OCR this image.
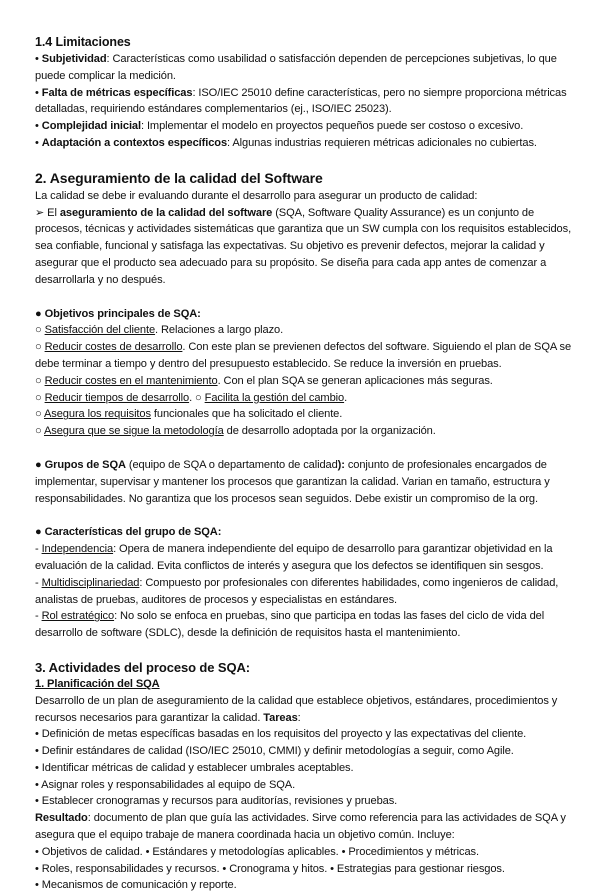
1.4 Limitaciones

• Subjetividad: Características como usabilidad o satisfacción dependen de percepciones subjetivas, lo que puede complicar la medición.

• Falta de métricas específicas: ISO/IEC 25010 define características, pero no siempre proporciona métricas detalladas, requiriendo estándares complementarios (ej., ISO/IEC 25023).

• Complejidad inicial: Implementar el modelo en proyectos pequeños puede ser costoso o excesivo.

• Adaptación a contextos específicos: Algunas industrias requieren métricas adicionales no cubiertas.

2. Aseguramiento de la calidad del Software

La calidad se debe ir evaluando durante el desarrollo para asegurar un producto de calidad:

➢ El aseguramiento de la calidad del software (SQA, Software Quality Assurance) es un conjunto de procesos, técnicas y actividades sistemáticas que garantiza que un SW cumpla con los requisitos establecidos, sea confiable, funcional y satisfaga las expectativas. Su objetivo es prevenir defectos, mejorar la calidad y asegurar que el producto sea adecuado para su propósito. Se diseña para cada app antes de comenzar a desarrollarla y no después.

● Objetivos principales de SQA:

○ Satisfacción del cliente. Relaciones a largo plazo.

○ Reducir costes de desarrollo. Con este plan se previenen defectos del software. Siguiendo el plan de SQA se debe terminar a tiempo y dentro del presupuesto establecido. Se reduce la inversión en pruebas.

○ Reducir costes en el mantenimiento. Con el plan SQA se generan aplicaciones más seguras.

○ Reducir tiempos de desarrollo. ○ Facilita la gestión del cambio.

○ Asegura los requisitos funcionales que ha solicitado el cliente.

○ Asegura que se sigue la metodología de desarrollo adoptada por la organización.

● Grupos de SQA (equipo de SQA o departamento de calidad): conjunto de profesionales encargados de implementar, supervisar y mantener los procesos que garantizan la calidad. Varian en tamaño, estructura y responsabilidades. No garantiza que los procesos sean seguidos. Debe existir un compromiso de la org.

● Características del grupo de SQA:

- Independencia: Opera de manera independiente del equipo de desarrollo para garantizar objetividad en la evaluación de la calidad. Evita conflictos de interés y asegura que los defectos se identifiquen sin sesgos.

- Multidisciplinariedad: Compuesto por profesionales con diferentes habilidades, como ingenieros de calidad, analistas de pruebas, auditores de procesos y especialistas en estándares.

- Rol estratégico: No solo se enfoca en pruebas, sino que participa en todas las fases del ciclo de vida del desarrollo de software (SDLC), desde la definición de requisitos hasta el mantenimiento.

3. Actividades del proceso de SQA:

1. Planificación del SQA

Desarrollo de un plan de aseguramiento de la calidad que establece objetivos, estándares, procedimientos y recursos necesarios para garantizar la calidad. Tareas:

• Definición de metas específicas basadas en los requisitos del proyecto y las expectativas del cliente.

• Definir estándares de calidad (ISO/IEC 25010, CMMI) y definir metodologías a seguir, como Agile.

• Identificar métricas de calidad y establecer umbrales aceptables.

• Asignar roles y responsabilidades al equipo de SQA.

• Establecer cronogramas y recursos para auditorías, revisiones y pruebas.

Resultado: documento de plan que guía las actividades. Sirve como referencia para las actividades de SQA y asegura que el equipo trabaje de manera coordinada hacia un objetivo común. Incluye:

• Objetivos de calidad. • Estándares y metodologías aplicables. • Procedimientos y métricas.

• Roles, responsabilidades y recursos. • Cronograma y hitos. • Estrategias para gestionar riesgos.

• Mecanismos de comunicación y reporte.
